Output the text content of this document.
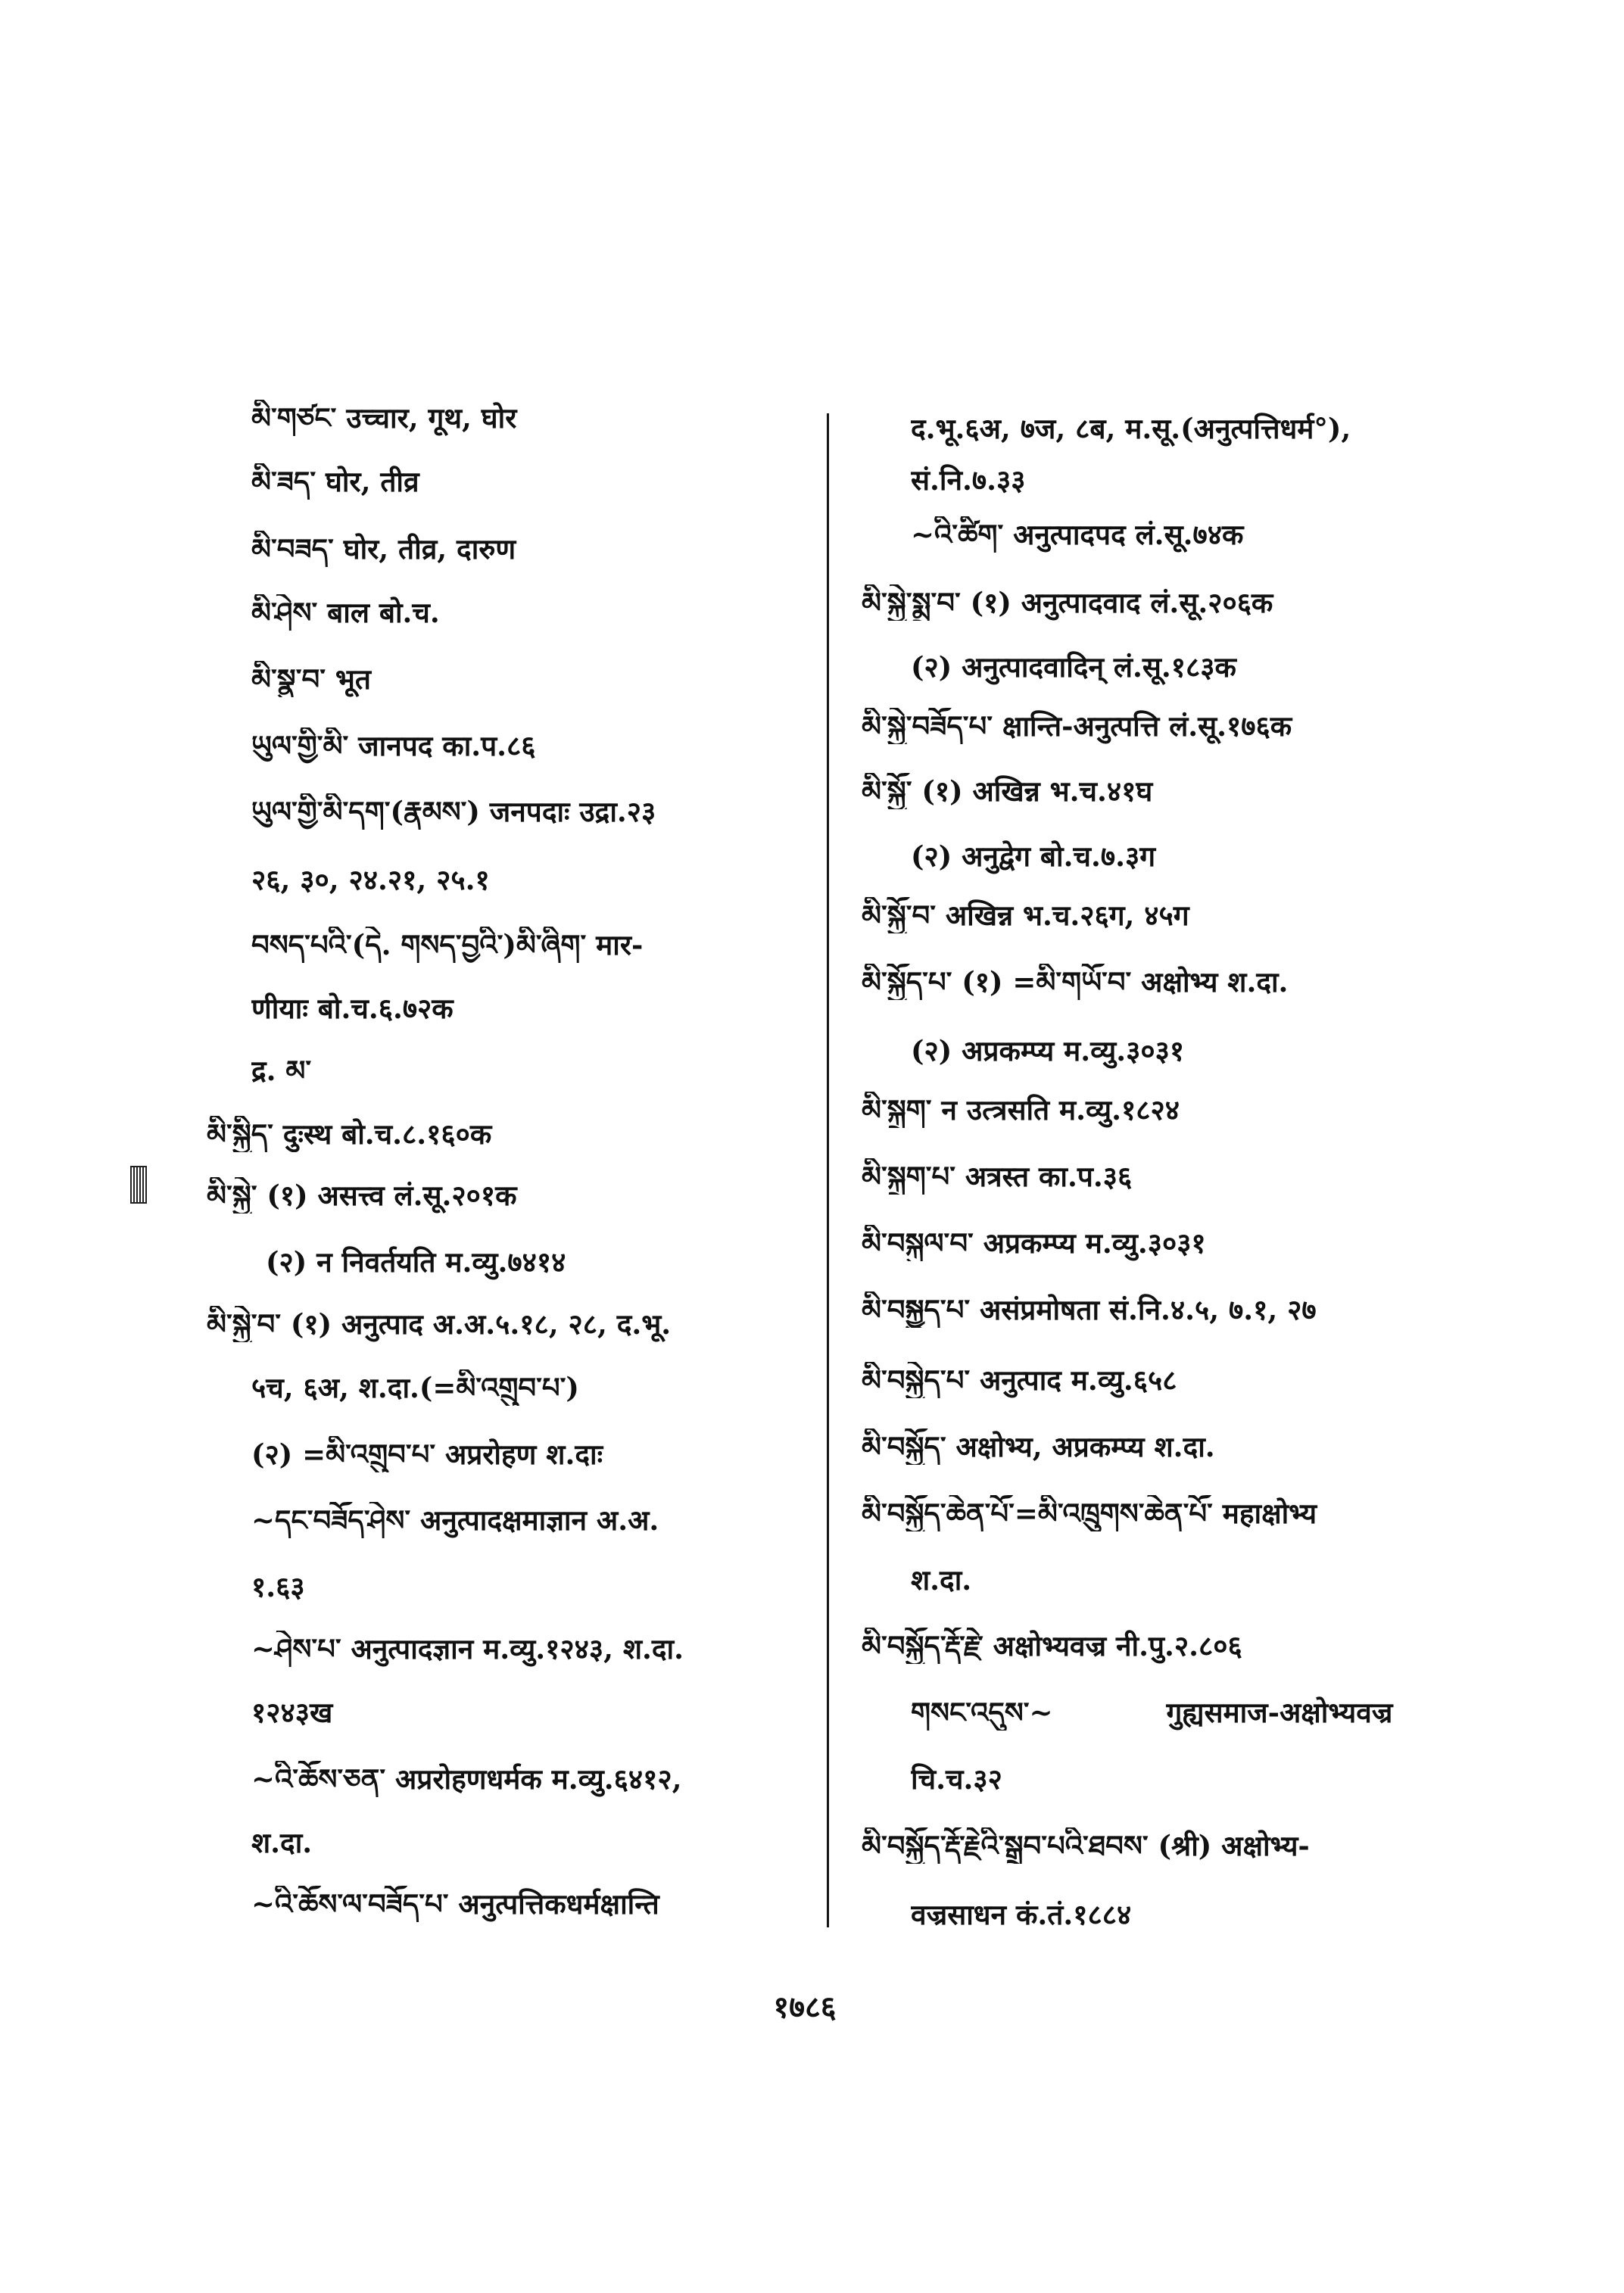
མི་གཙང་ उच्चार, गूथ, घोर
མི་ཟད་ घोर, तीव्र
མི་བཟད་ घोर, तीव्र, दारुण
མི་ཤེས་ बाल बो.च.
མི་སྣུ་བ་ भूत
ཡུལ་གྱི་མི་ जानपद का.प.८६
ཡུལ་གྱི་མི་དག་(རྣམས་) जनपदाः उद्रा.२३
२६, ३०, २४.२१, २५.१
བསད་པའི་(དེ. གསད་བྱའི་)མི་ཞིག་ मार-
णीयाः बो.च.६.७२क
द्र. མ་
མི་སྐྱིད་ दुःस्थ बो.च.८.१६०क
མི་སྐྱེ་ (१) असत्त्व लं.सू.२०१क
(२) न निवर्तयति म.व्यु.७४१४
མི་སྐྱེ་བ་ (१) अनुत्पाद अ.अ.५.१८, २८, द.भू.
५च, ६अ, श.दा.(=མི་འགྲུབ་པ་)
(२) =མི་འགྲུབ་པ་ अप्ररोहण श.दाः
~དང་བཟོད་ཤེས་ अनुत्पादक्षमाज्ञान अ.अ.
१.६३
~ཤེས་པ་ अनुत्पादज्ञान म.व्यु.१२४३, श.दा.
१२४३ख
~འི་ཆོས་ཅན་ अप्ररोहणधर्मक म.व्यु.६४१२,
श.दा.
~འི་ཆོས་ལ་བཟོད་པ་ अनुत्पत्तिकधर्मक्षान्ति
द.भू.६अ, ७ज, ८ब, म.सू.(अनुत्पत्तिधर्म°),
सं.नि.७.३३
~འི་ཚིག་ अनुत्पादपद लं.सू.७४क
མི་སྐྱེ་སྨྲ་བ་ (१) अनुत्पादवाद लं.सू.२०६क
(२) अनुत्पादवादिन् लं.सू.१८३क
མི་སྐྱེ་བཟོད་པ་ क्षान्ति-अनुत्पत्ति लं.सू.१७६क
མི་སྐྱོ་ (१) अखिन्न भ.च.४१घ
(२) अनुद्वेग बो.च.७.३ग
མི་སྐྱོ་བ་ अखिन्न भ.च.२६ग, ४५ग
མི་སྐྱོད་པ་ (१) =མི་གཡོ་བ་ अक्षोभ्य श.दा.
(२) अप्रकम्प्य म.व्यु.३०३१
མི་སྐྲག་ न उत्त्रसति म.व्यु.१८२४
མི་སྐྲག་པ་ अत्रस्त का.प.३६
མི་བསྐུལ་བ་ अप्रकम्प्य म.व्यु.३०३१
མི་བསྐྱུད་པ་ असंप्रमोषता सं.नि.४.५, ७.१, २७
མི་བསྐྱེད་པ་ अनुत्पाद म.व्यु.६५८
མི་བསྐྱོད་ अक्षोभ्य, अप्रकम्प्य श.दा.
མི་བསྐྱོད་ཆེན་པོ་=མི་འཁྲུགས་ཆེན་པོ་ महाक्षोभ्य
श.दा.
མི་བསྐྱོད་རྡོ་རྗེ་ अक्षोभ्यवज्र नी.पु.२.८०६
གསང་འདུས་~	गुह्यसमाज-अक्षोभ्यवज्र
चि.च.३२
མི་བསྐྱོད་རྡོ་རྗེའི་སྒྲུབ་པའི་ཐབས་ (श्री) अक्षोभ्य-
वज्रसाधन कं.तं.१८८४
१७८६
